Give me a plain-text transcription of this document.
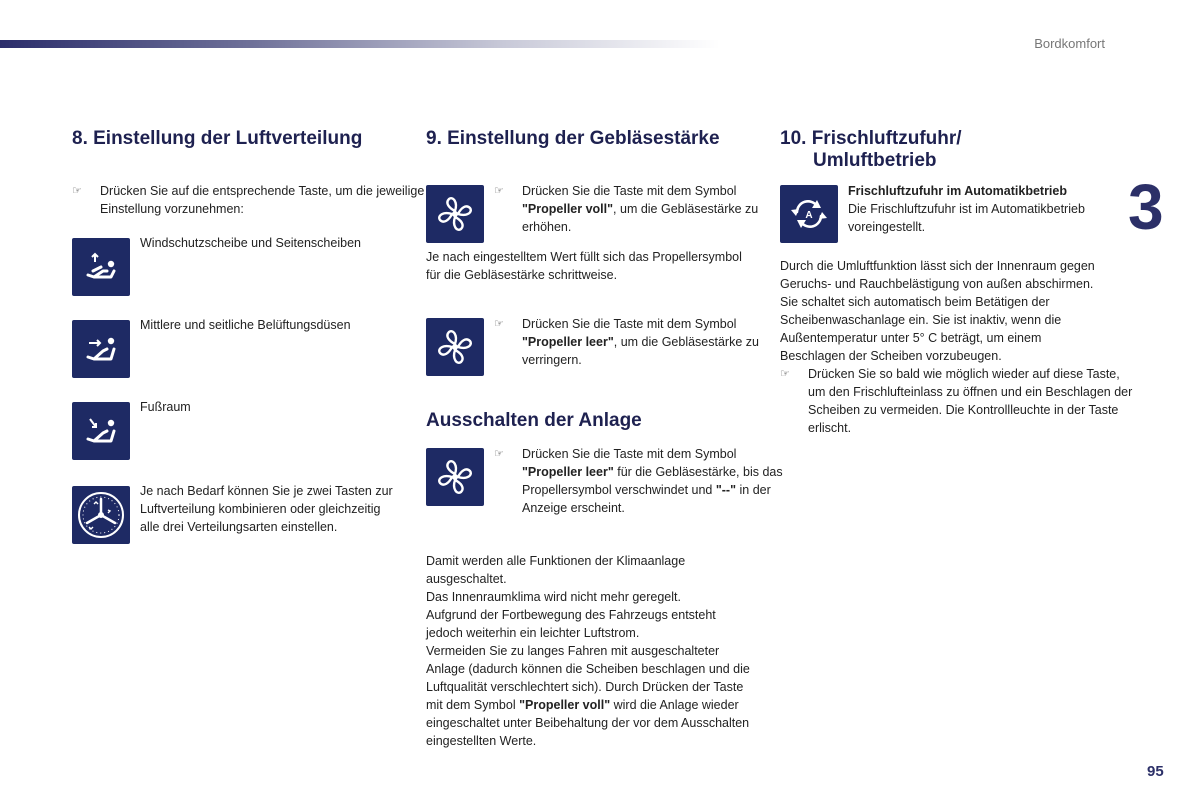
Bordkomfort
3
95
8. Einstellung der Luftverteilung
☞ Drücken Sie auf die entsprechende Taste, um die jeweilige Einstellung vorzunehmen:
Windschutzscheibe und Seitenscheiben
Mittlere und seitliche Belüftungsdüsen
Fußraum
Je nach Bedarf können Sie je zwei Tasten zur Luftverteilung kombinieren oder gleichzeitig alle drei Verteilungsarten einstellen.
9. Einstellung der Gebläsestärke
☞ Drücken Sie die Taste mit dem Symbol "Propeller voll", um die Gebläsestärke zu erhöhen.
Je nach eingestelltem Wert füllt sich das Propellersymbol für die Gebläsestärke schrittweise.
☞ Drücken Sie die Taste mit dem Symbol "Propeller leer", um die Gebläsestärke zu verringern.
Ausschalten der Anlage
☞ Drücken Sie die Taste mit dem Symbol "Propeller leer" für die Gebläsestärke, bis das Propellersymbol verschwindet und "--" in der Anzeige erscheint.
Damit werden alle Funktionen der Klimaanlage ausgeschaltet.
Das Innenraumklima wird nicht mehr geregelt.
Aufgrund der Fortbewegung des Fahrzeugs entsteht jedoch weiterhin ein leichter Luftstrom.
Vermeiden Sie zu langes Fahren mit ausgeschalteter Anlage (dadurch können die Scheiben beschlagen und die Luftqualität verschlechtert sich). Durch Drücken der Taste mit dem Symbol "Propeller voll" wird die Anlage wieder eingeschaltet unter Beibehaltung der vor dem Ausschalten eingestellten Werte.
10. Frischluftzufuhr/
Umluftbetrieb
A
Frischluftzufuhr im Automatikbetrieb
Die Frischluftzufuhr ist im Automatikbetrieb voreingestellt.
Durch die Umluftfunktion lässt sich der Innenraum gegen Geruchs- und Rauchbelästigung von außen abschirmen. Sie schaltet sich automatisch beim Betätigen der Scheibenwaschanlage ein. Sie ist inaktiv, wenn die Außentemperatur unter 5° C beträgt, um einem Beschlagen der Scheiben vorzubeugen.
☞ Drücken Sie so bald wie möglich wieder auf diese Taste, um den Frischlufteinlass zu öffnen und ein Beschlagen der Scheiben zu vermeiden. Die Kontrollleuchte in der Taste erlischt.
